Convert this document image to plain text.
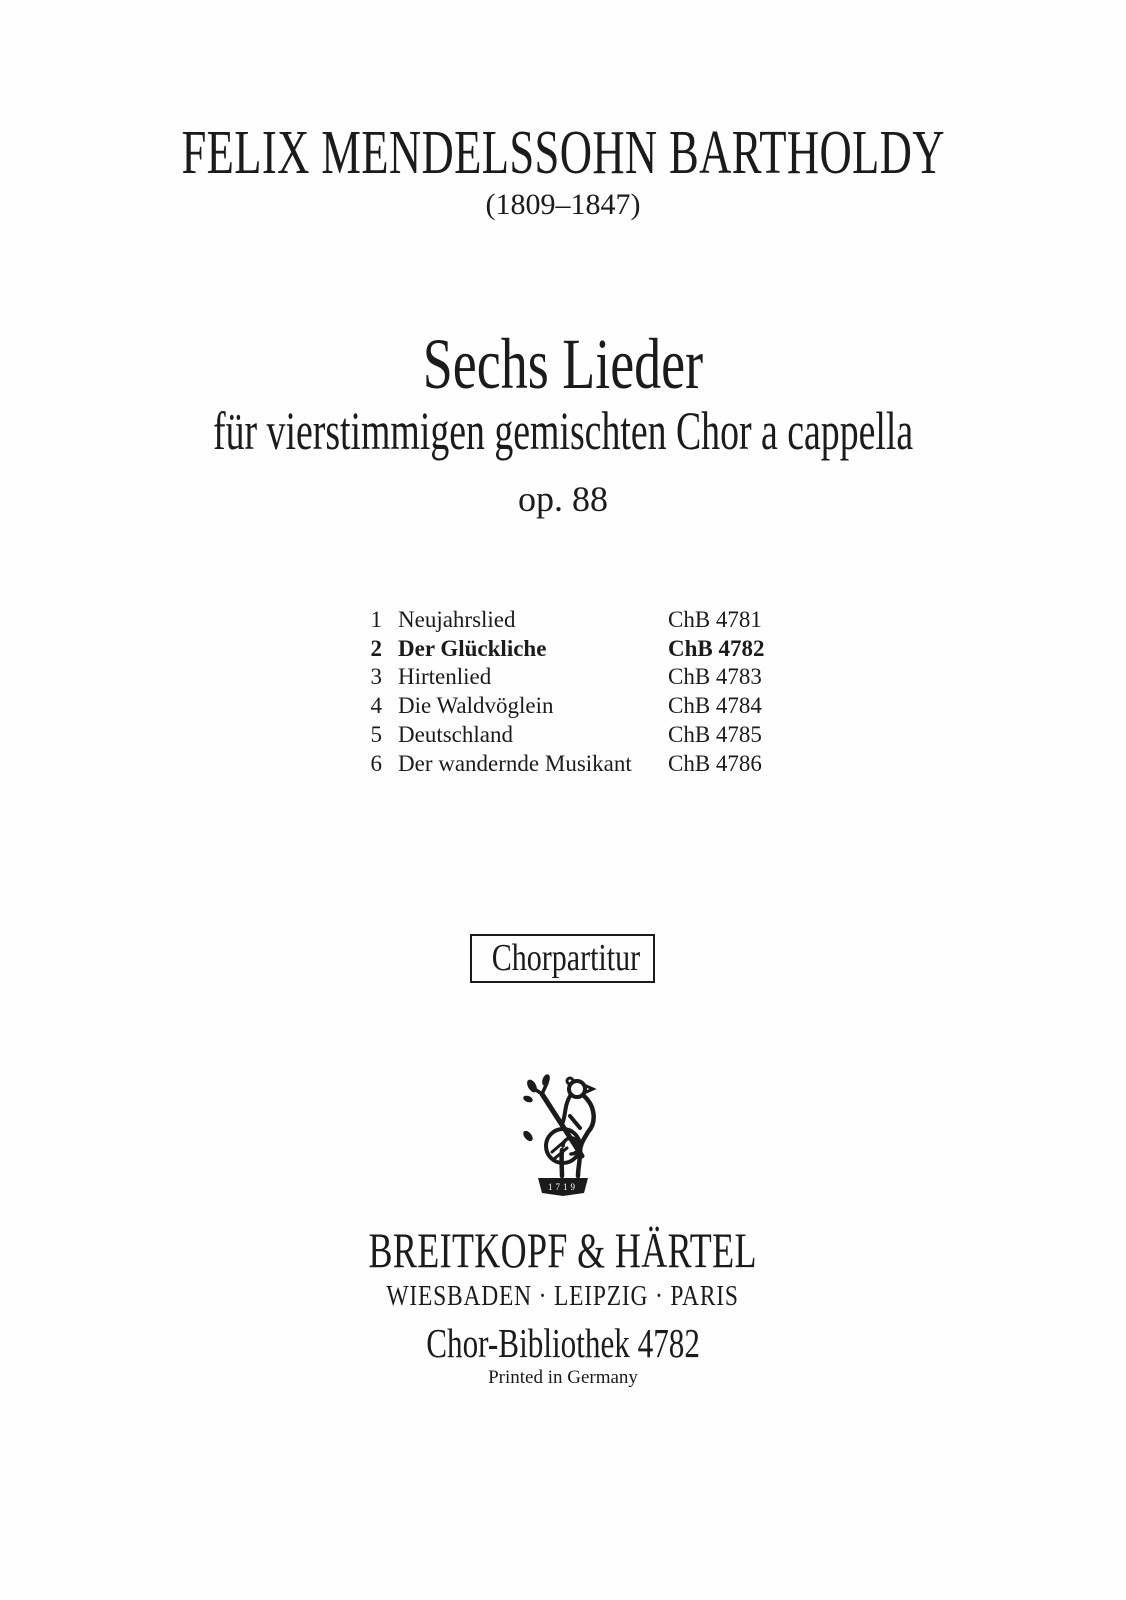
FELIX MENDELSSOHN BARTHOLDY
(1809–1847)
Sechs Lieder
für vierstimmigen gemischten Chor a cappella
op. 88
1 Neujahrslied	ChB 4781
2 Der Glückliche	ChB 4782
3 Hirtenlied	ChB 4783
4 Die Waldvöglein	ChB 4784
5 Deutschland	ChB 4785
6 Der wandernde Musikant	ChB 4786
Chorpartitur
1719
BREITKOPF & HÄRTEL
WIESBADEN · LEIPZIG · PARIS
Chor-Bibliothek 4782
Printed in Germany
